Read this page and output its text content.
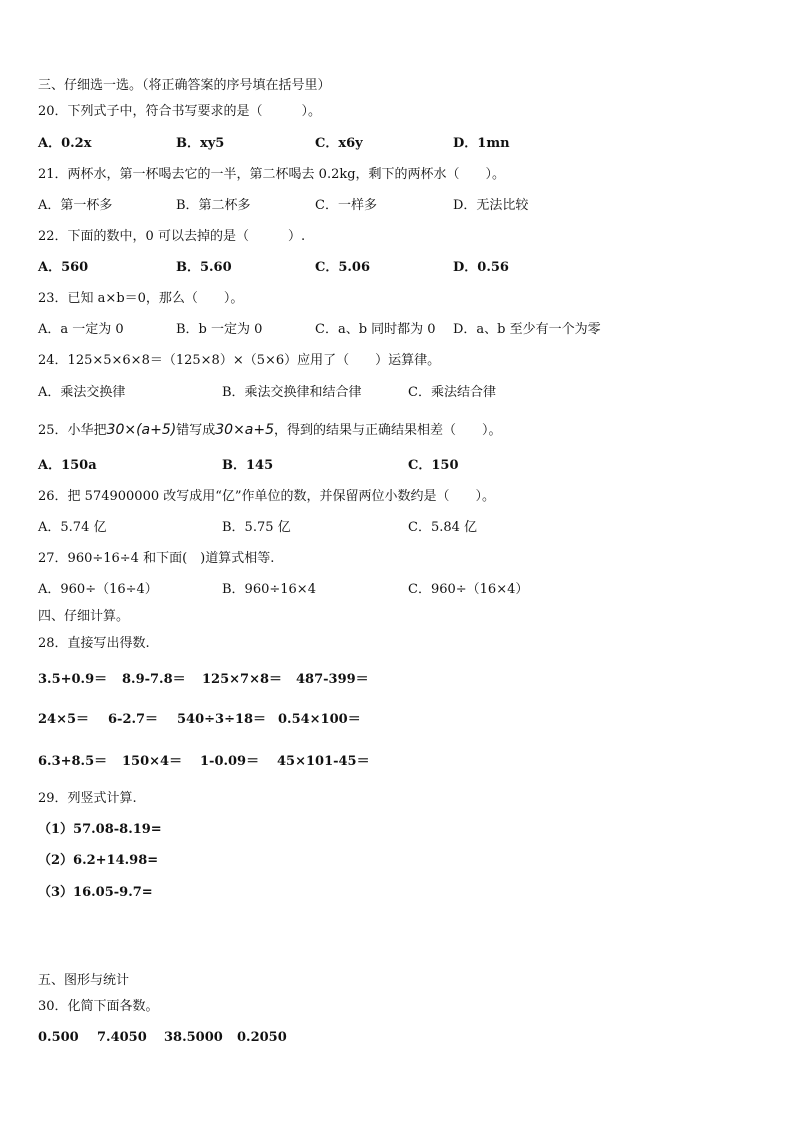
三、仔细选一选。（将正确答案的序号填在括号里）
20．下列式子中，符合书写要求的是（　　　）。
A．0.2x	B．xy5	C．x6y	D．1mn
21．两杯水，第一杯喝去它的一半，第二杯喝去 0.2kg，剩下的两杯水（　　）。
A．第一杯多	B．第二杯多	C．一样多	D．无法比较
22．下面的数中，0 可以去掉的是（　　　）.
A．560	B．5.60	C．5.06	D．0.56
23．已知 a×b＝0，那么（　　）。
A．a 一定为 0	B．b 一定为 0	C．a、b 同时都为 0 D．a、b 至少有一个为零
24．125×5×6×8＝（125×8）×（5×6）应用了（　　）运算律。
A．乘法交换律	B．乘法交换律和结合律	C．乘法结合律
25．小华把30×(a+5)错写成30×a+5，得到的结果与正确结果相差（　　）。
A．150a	B．145	C．150
26．把 574900000 改写成用“亿”作单位的数，并保留两位小数约是（　　）。
A．5.74 亿	B．5.75 亿	C．5.84 亿
27．960÷16÷4 和下面(　)道算式相等.
A．960÷（16÷4）	B．960÷16×4	C．960÷（16×4）
四、仔细计算。
28．直接写出得数.
3.5+0.9＝ 8.9-7.8＝ 125×7×8＝ 487-399＝
24×5＝ 6-2.7＝ 540÷3÷18＝ 0.54×100＝
6.3+8.5＝ 150×4＝ 1-0.09＝ 45×101-45＝
29．列竖式计算.
（1）57.08-8.19=
（2）6.2+14.98=
（3）16.05-9.7=
五、图形与统计
30．化简下面各数。
0.500 7.4050 38.5000 0.2050
